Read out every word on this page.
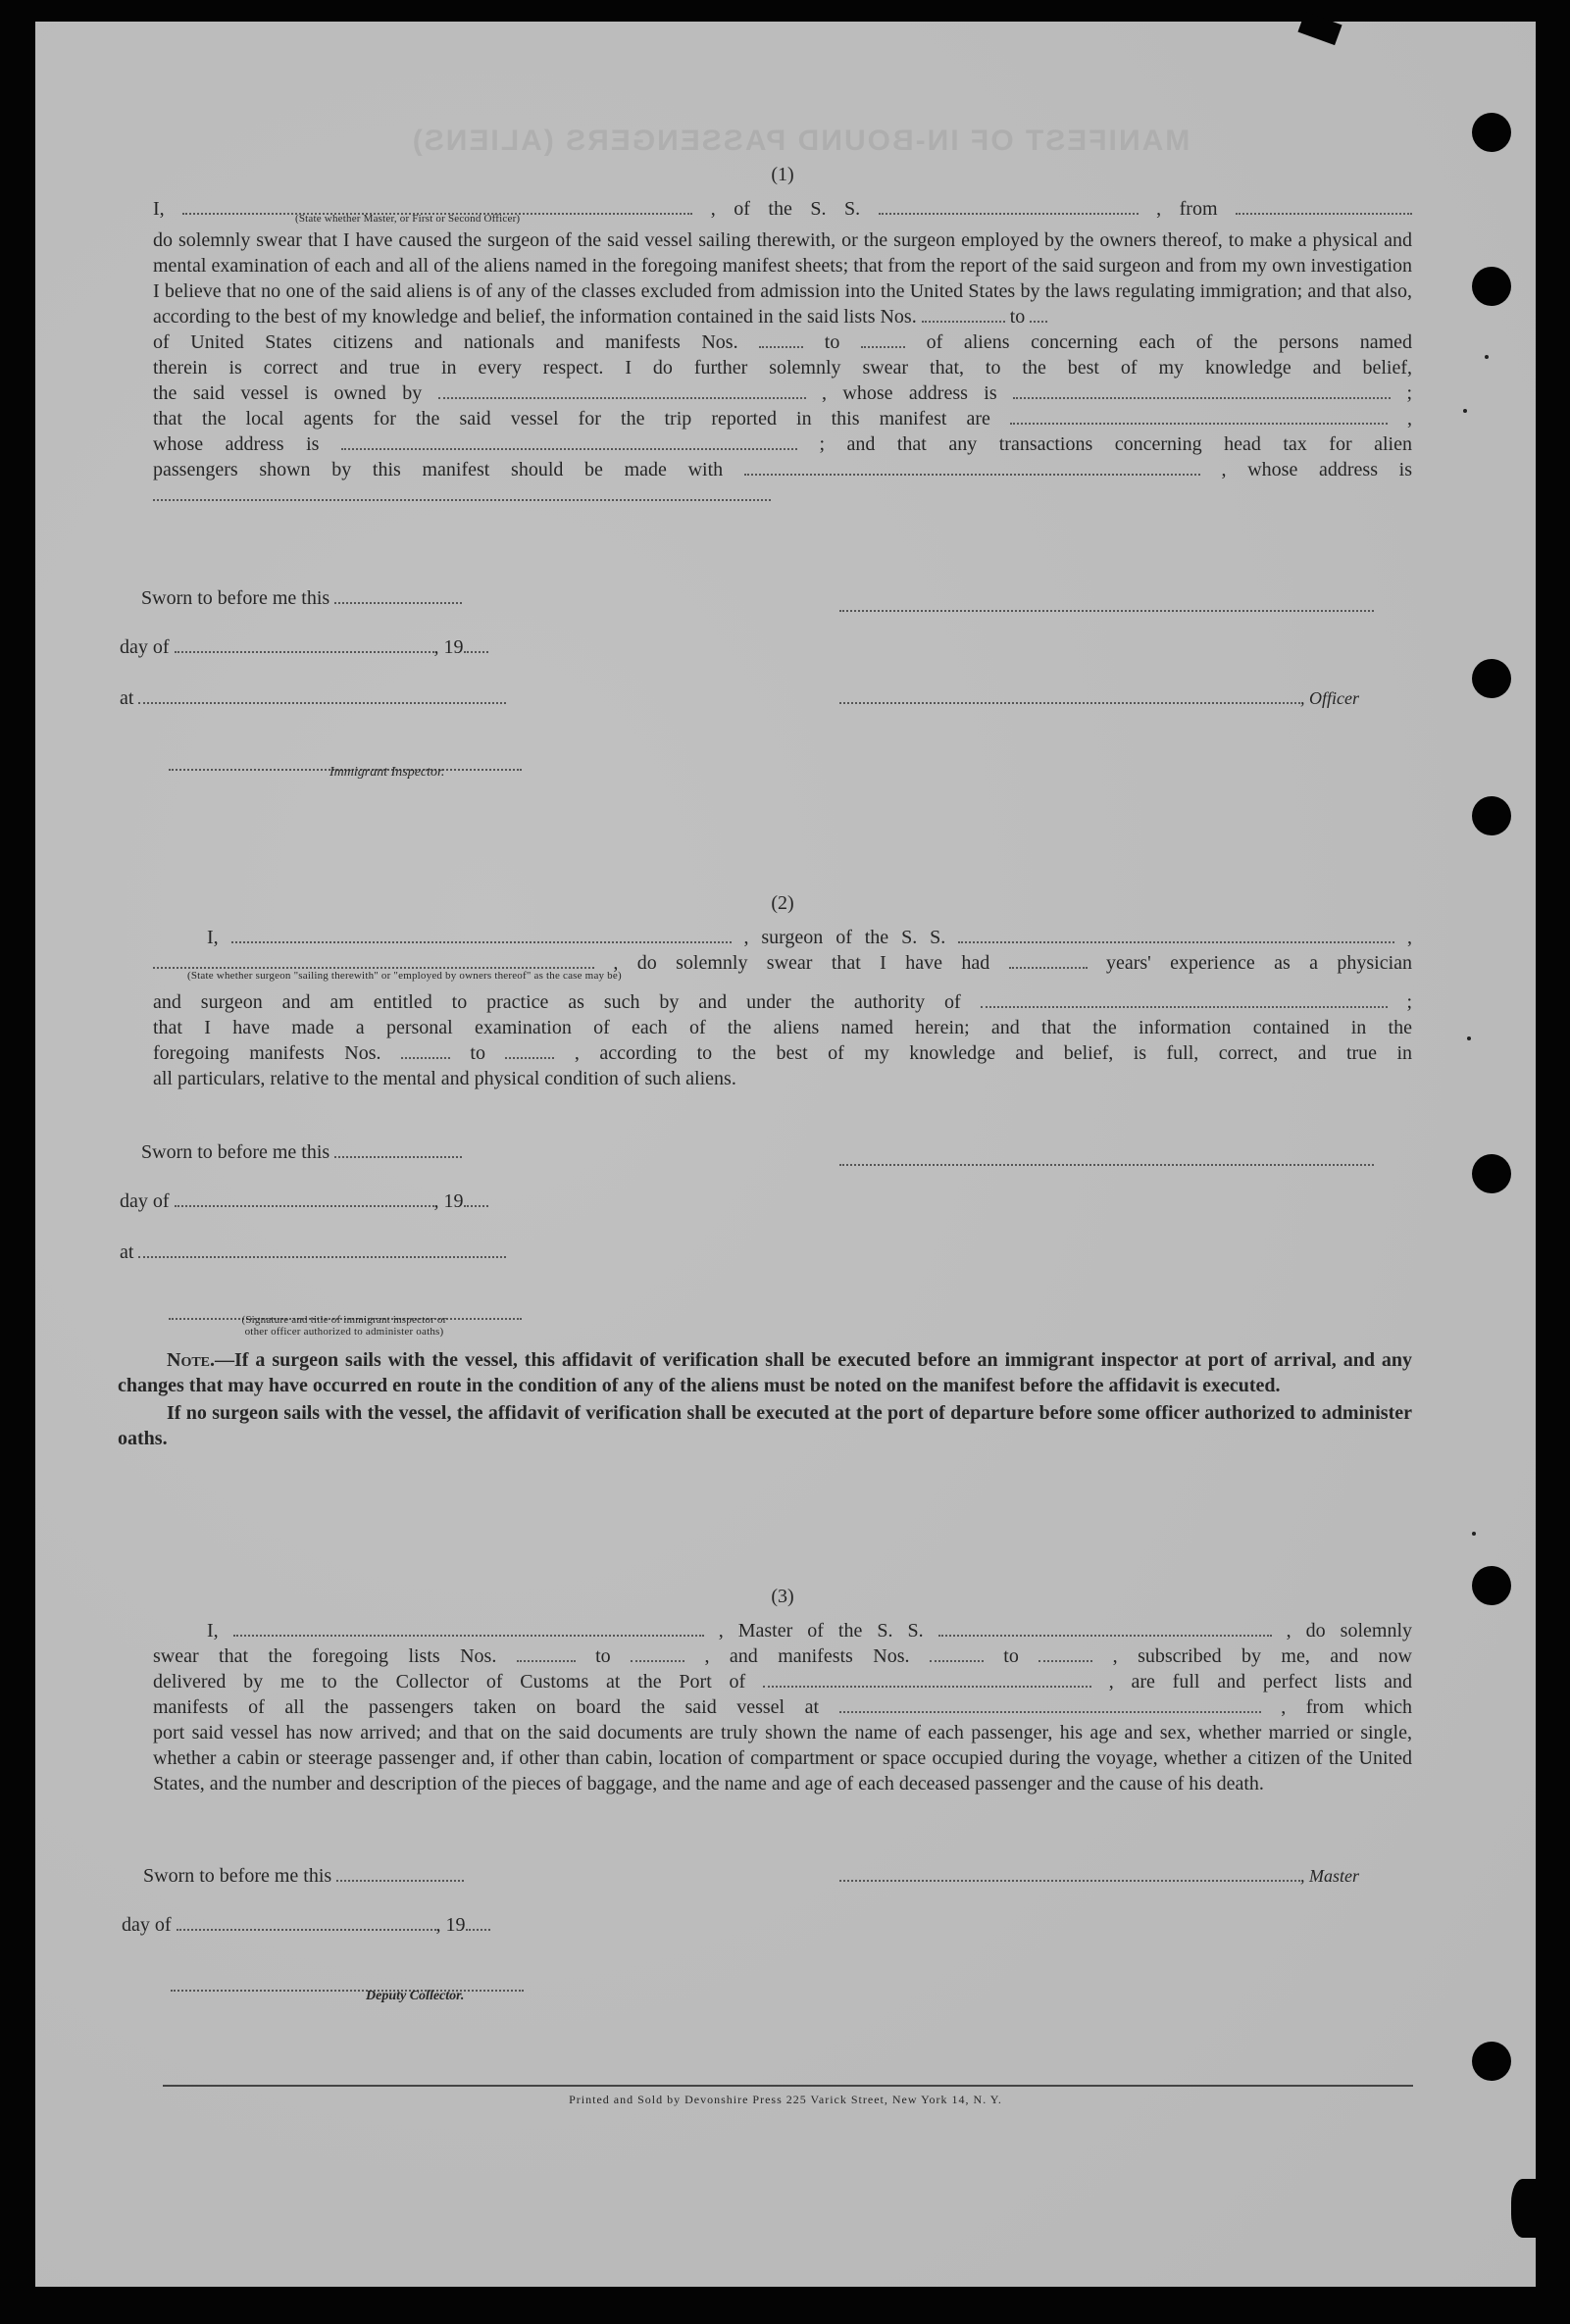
MANIFEST OF IN-BOUND PASSENGERS (ALIENS)
(1)
I,	, of the S. S.	, from
(State whether Master, or First or Second Officer)
do solemnly swear that I have caused the surgeon of the said vessel sailing therewith, or the surgeon employed by the owners thereof, to make a physical and mental examination of each and all of the aliens named in the foregoing manifest sheets; that from the report of the said surgeon and from my own investigation I believe that no one of the said aliens is of any of the classes excluded from admission into the United States by the laws regulating immigration; and that also, according to the best of my knowledge and belief, the information contained in the said lists Nos.	to
of United States citizens and nationals and manifests Nos.	to	of aliens concerning each of the persons named
therein is correct and true in every respect. I do further solemnly swear that, to the best of my knowledge and belief,
the said vessel is owned by	, whose address is	;
that the local agents for the said vessel for the trip reported in this manifest are	,
whose address is	; and that any transactions concerning head tax for alien
passengers shown by this manifest should be made with	, whose address is
Sworn to before me this
day of	, 19
at	, Officer
Immigrant Inspector.
(2)
I,	, surgeon of the S. S.	,
, do solemnly swear that I have had	years' experience as a physician
(State whether surgeon "sailing therewith" or "employed by owners thereof" as the case may be)
and surgeon and am entitled to practice as such by and under the authority of	;
that I have made a personal examination of each of the aliens named herein; and that the information contained in the
foregoing manifests Nos.	to	, according to the best of my knowledge and belief, is full, correct, and true in
all particulars, relative to the mental and physical condition of such aliens.
Sworn to before me this
day of	, 19
at
(Signature and title of immigrant inspector or
other officer authorized to administer oaths)
Note.—If a surgeon sails with the vessel, this affidavit of verification shall be executed before an immigrant inspector at port of arrival, and any changes that may have occurred en route in the condition of any of the aliens must be noted on the manifest before the affidavit is executed.
If no surgeon sails with the vessel, the affidavit of verification shall be executed at the port of departure before some officer authorized to administer oaths.
(3)
I,	, Master of the S. S.	, do solemnly
swear that the foregoing lists Nos.	to	, and manifests Nos.	to	, subscribed by me, and now
delivered by me to the Collector of Customs at the Port of	, are full and perfect lists and
manifests of all the passengers taken on board the said vessel at	, from which
port said vessel has now arrived; and that on the said documents are truly shown the name of each passenger, his age and sex, whether married or single, whether a cabin or steerage passenger and, if other than cabin, location of compartment or space occupied during the voyage, whether a citizen of the United States, and the number and description of the pieces of baggage, and the name and age of each deceased passenger and the cause of his death.
Sworn to before me this	, Master
day of	, 19
Deputy Collector.
Printed and Sold by Devonshire Press 225 Varick Street, New York 14, N. Y.
